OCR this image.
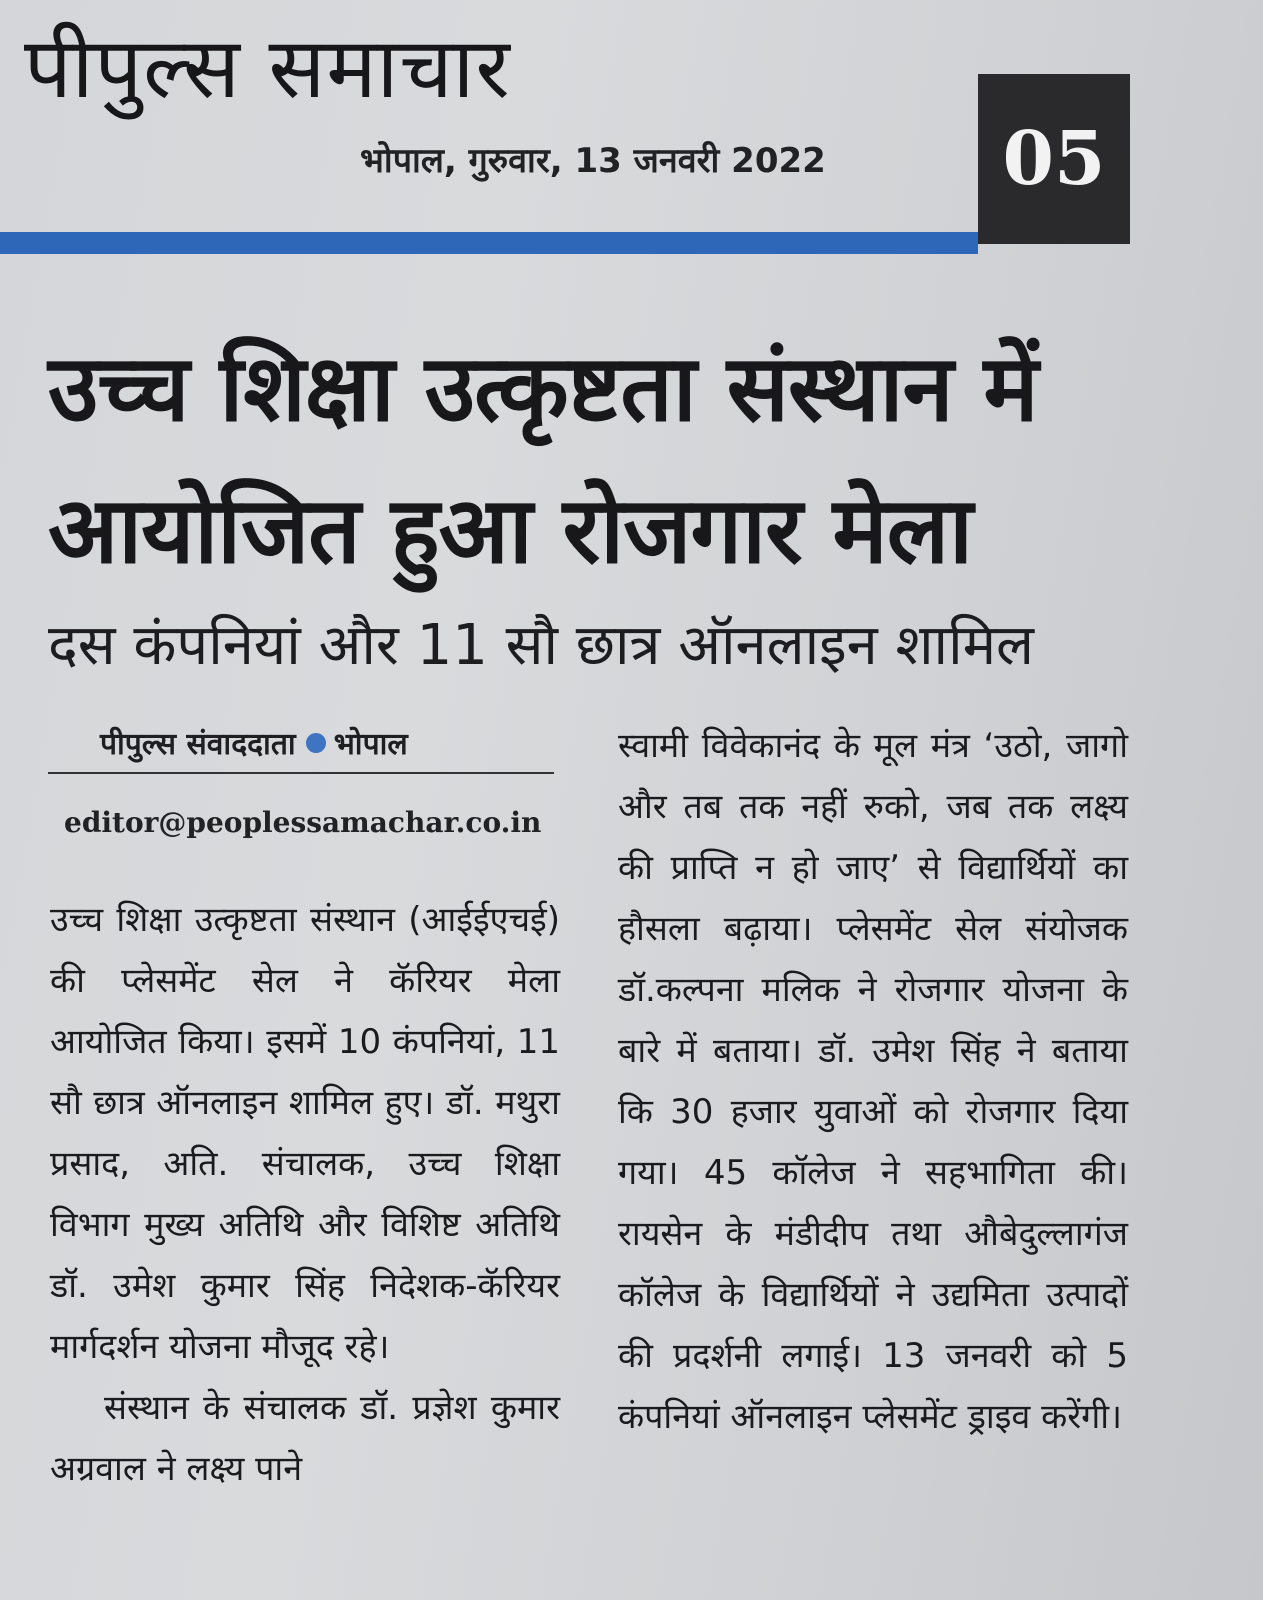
पीपुल्स समाचार
भोपाल, गुरुवार, 13 जनवरी 2022 05
उच्च शिक्षा उत्कृष्टता संस्थान में आयोजित हुआ रोजगार मेला
दस कंपनियां और 11 सौ छात्र ऑनलाइन शामिल
पीपुल्स संवाददाता भोपाल
editor@peoplessamachar.co.in

उच्च शिक्षा उत्कृष्टता संस्थान (आईईएचई) की प्लेसमेंट सेल ने कॅरियर मेला आयोजित किया। इसमें 10 कंपनियां, 11 सौ छात्र ऑनलाइन शामिल हुए। डॉ. मथुरा प्रसाद, अति. संचालक, उच्च शिक्षा विभाग मुख्य अतिथि और विशिष्ट अतिथि डॉ. उमेश कुमार सिंह निदेशक-कॅरियर मार्गदर्शन योजना मौजूद रहे।

संस्थान के संचालक डॉ. प्रज्ञेश कुमार अग्रवाल ने लक्ष्य पाने

स्वामी विवेकानंद के मूल मंत्र ‘उठो, जागो और तब तक नहीं रुको, जब तक लक्ष्य की प्राप्ति न हो जाए’ से विद्यार्थियों का हौसला बढ़ाया। प्लेसमेंट सेल संयोजक डॉ.कल्पना मलिक ने रोजगार योजना के बारे में बताया। डॉ. उमेश सिंह ने बताया कि 30 हजार युवाओं को रोजगार दिया गया। 45 कॉलेज ने सहभागिता की। रायसेन के मंडीदीप तथा औबेदुल्लागंज कॉलेज के विद्यार्थियों ने उद्यमिता उत्पादों की प्रदर्शनी लगाई। 13 जनवरी को 5 कंपनियां ऑनलाइन प्लेसमेंट ड्राइव करेंगी।
